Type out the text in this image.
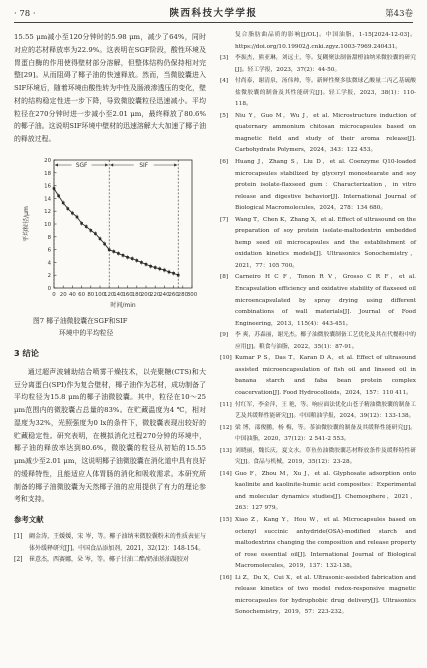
· 78 ·	陕西科技大学学报	第43卷

15.55 μm减小至120分钟时的5.98 μm，减少了64%，同时对应的芯材释放率为22.9%。这表明在SGF阶段，酸性环境及胃蛋白酶的作用使得壁材部分溶解，但整体结构仍保持相对完整[29]。从而阻碍了椰子油的快速释放。然而，当微胶囊进入SIF环境后，随着环境由酸性转为中性及肠液渗透压的变化，壁材的结构稳定性进一步下降，导致微胶囊粒径迅速减小。平均粒径在270分钟时进一步减小至2.01 μm，最终释放了80.6%的椰子油。这说明SIF环境中壁材的迅速溶解大大加速了椰子油的释放过程。

0 20 40 60 80 100
120
140
160
180
200
220
240
260
280
300
0
2
4
6
8
10
12
14
16
18
20
SGF	SIF
平均粒径/μm
时间/min
图7 椰子油微胶囊在SGF和SIF
环境中的平均粒径
3 结论

通过超声波辅助结合喷雾干燥技术，以壳聚糖(CTS)和大豆分离蛋白(SPI)作为复合壁材，椰子油作为芯材，成功制备了平均粒径为15.8 μm的椰子油微胶囊。其中，粒径在10～25 μm范围内的微胶囊占总量的83%。在贮藏温度为4 ℃，相对湿度为32%，光照强度为0 lx的条件下，微胶囊表现出较好的贮藏稳定性。研究表明，在模拟消化过程270分钟的环境中，椰子油的释放率达到80.6%，微胶囊的粒径从初始的15.55 μm减少至2.01 μm，这说明椰子油微胶囊在消化道中具有良好的缓释特性，且能适应人体胃肠的消化和吸收需求。本研究所制备的椰子油微胶囊为天然椰子油的应用提供了有力的理论参考和支持。

参考文献
[1] 阚金涛，王媛媛，宋 岑，等。椰子油纳米微胶囊粉末的性质表征与体外缓释研究[J]。中国食品添加剂，2021，32(12)：148-154。
[2] 崔意杰，西赛娜，朵 岑，等。椰子甘油二酯/奶油基油凝胶对
复合脂肪曲品质的影响[J/OL]。中国油脂，1-15[2024-12-03]。https://doi.org/10.19902/j.cnki.zgyz.1003-7969.240431。
[3] 李振杰，熊亚琳，刘远士，等。复糊聚法制备甜橙油纳米微胶囊的研究[J]。轻工学报，2023，37(2)：44-50。
[4] 付尚泰，谢清泉，汤伟帅，等。新鲜性聚多肽微球乙酸量二丙乙基硫酸盐微胶囊的制备及其性能研究[J]。轻工学报，2023，38(1)：110-118。
[5] Niu Y，Guo M，Wu J，et al. Microstructure induction of quaternary ammonium chitosan microcapsules based on magnetic field and study of their aroma release[J]. Carbohydrate Polymers，2024，343：122 453。
[6] Huang J，Zhang S，Liu D，et al. Coenzyme Q10-loaded microcapsules stabilized by glyceryl monostearate and soy protein isolate-flaxseed gum：Characterization，in vitro release and digestive behavior[J]. International Journal of Biological Macromolecules，2024，278：134 680。
[7] Wang T，Chen K，Zhang X，et al. Effect of ultrasound on the preparation of soy protein isolate-maltodextrin embedded hemp seed oil microcapsules and the establishment of oxidation kinetics models[J]. Ultrasonics Sonochemistry，2021，77：105 700。
[8] Carneiro H C F，Tonon R V，Grosso C R F，et al. Encapsulation efficiency and oxidative stability of flaxseed oil microencapsulated by spray drying using different combinations of wall materials[J]. Journal of Food Engineering，2013，115(4)：443-451。
[9] 李 爽，苏森丽，谢光杰。椰子油微胶囊制备工艺优化及其在代餐粉中的应用[J]。粮食与油脂，2022，35(1)：87-91。
[10] Kumar P S，Das T，Karan D A，et al. Effect of ultrasound assisted microencapsulation of fish oil and linseed oil in banana starch and faba bean protein complex coacervation[J]. Food Hydrocolloids，2024，157：110 411。
[11] 付红军，李金萍，王 艳，等。响应面法优化山苍子精油微胶囊的制备工艺及其缓释性能研究[J]。中国粮油学报，2024，39(12)：133-138。
[12] 梁 博，邵俊鹏，杨 梅，等。茶油微胶囊的制备及其缓释性能研究[J]。中国油脂，2020，37(12)：2 541-2 553。
[13] 刘晓丽，魏长庆，夏文水。草鱼鱼油微胶囊芯材释放条件及缓释特性研究[J]。食品与机械，2019，35(12)：23-28。
[14] Guo F，Zhou M，Xu J，et al. Glyphosate adsorption onto kaolinite and kaolinite-humic acid composites：Experimental and molecular dynamics studies[J]. Chemosphere，2021，263：127 979。
[15] Xiao Z，Kang Y，Hou W，et al. Microcapsules based on octenyl succinic anhydride(OSA)-modified starch and maltodextrins changing the composition and release property of rose essential oil[J]. International Journal of Biological Macromolecules，2019，137：132-138。
[16] Li Z，Du X，Cui X，et al. Ultrasonic-assisted fabrication and release kinetics of two model redox-responsive magnetic microcapsules for hydrophobic drug delivery[J]. Ultrasonics Sonochemistry，2019，57：223-232。
